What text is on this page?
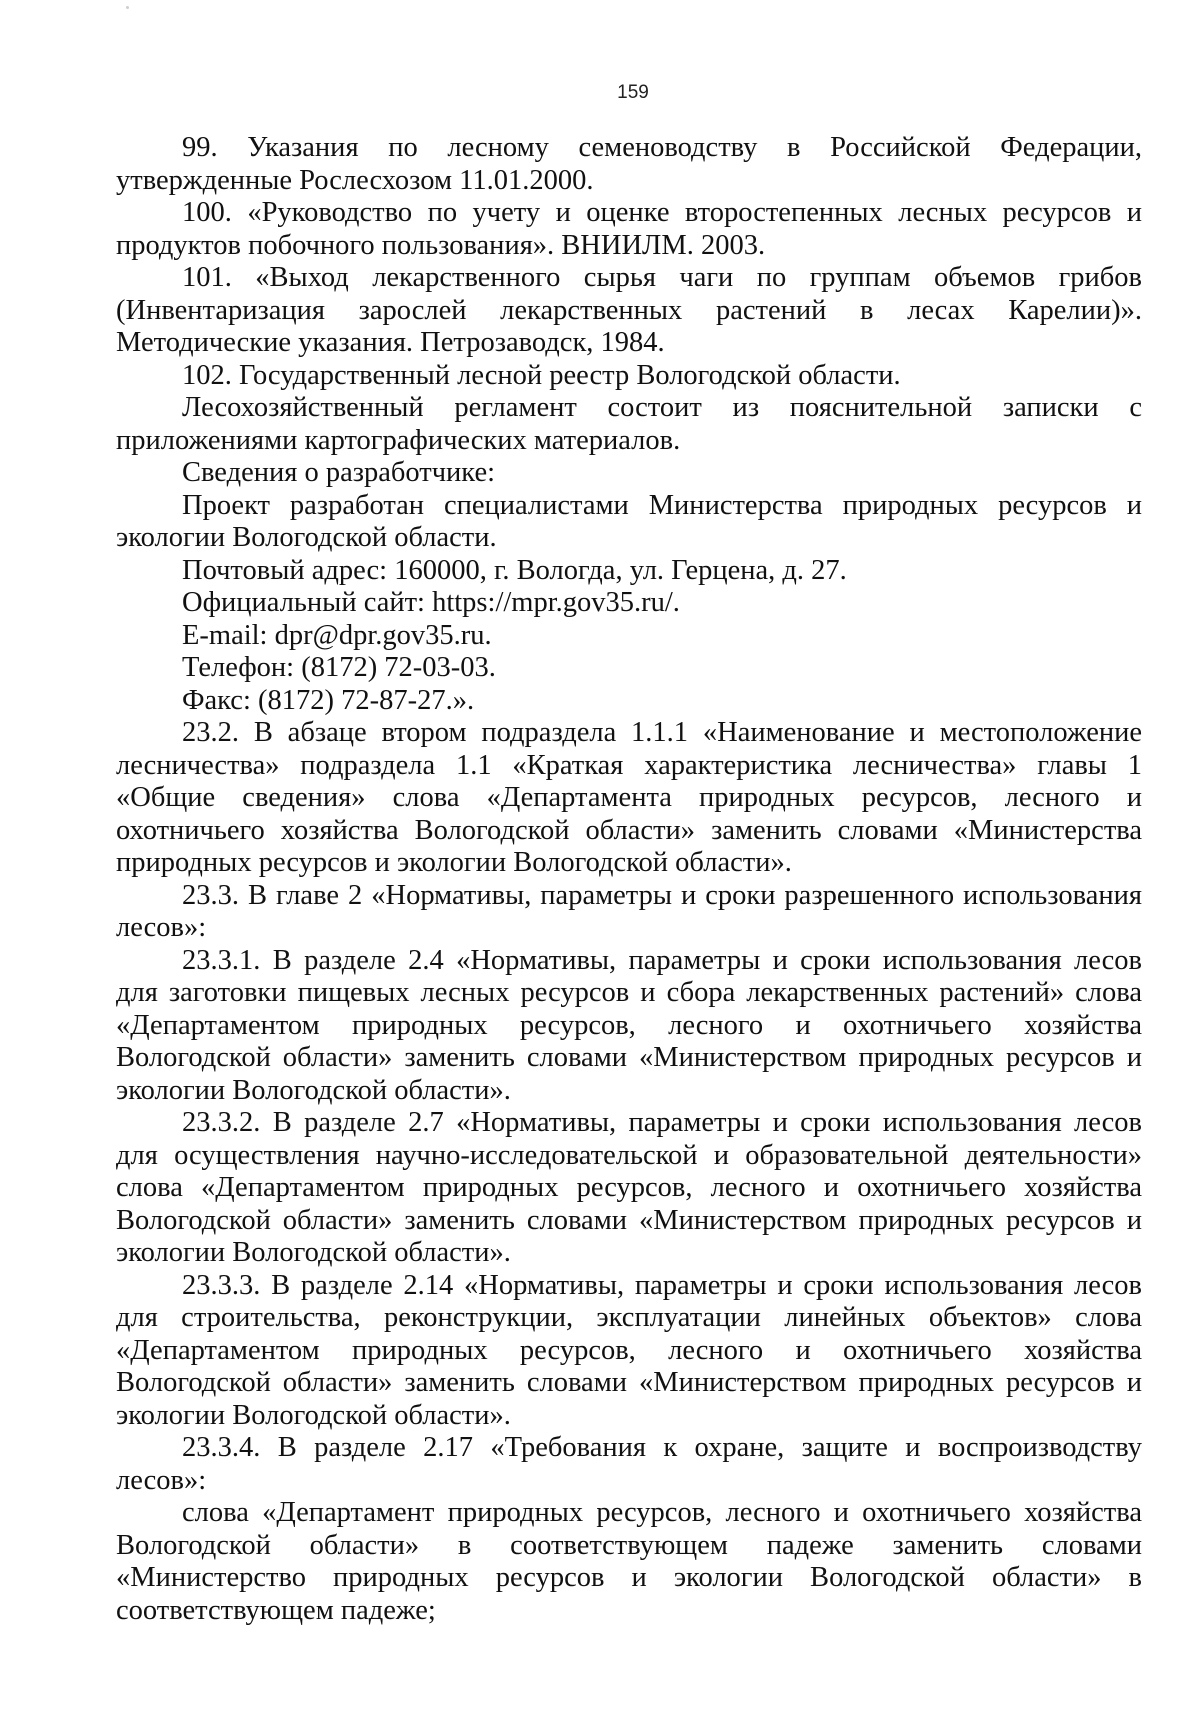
159

99. Указания по лесному семеноводству в Российской Федерации, утвержденные Рослесхозом 11.01.2000.

100. «Руководство по учету и оценке второстепенных лесных ресурсов и продуктов побочного пользования». ВНИИЛМ. 2003.

101. «Выход лекарственного сырья чаги по группам объемов грибов (Инвентаризация зарослей лекарственных растений в лесах Карелии)». Методические указания. Петрозаводск, 1984.

102. Государственный лесной реестр Вологодской области.

Лесохозяйственный регламент состоит из пояснительной записки с приложениями картографических материалов.

Сведения о разработчике:

Проект разработан специалистами Министерства природных ресурсов и экологии Вологодской области.

Почтовый адрес: 160000, г. Вологда, ул. Герцена, д. 27.

Официальный сайт: https://mpr.gov35.ru/.

E-mail: dpr@dpr.gov35.ru.

Телефон: (8172) 72-03-03.

Факс: (8172) 72-87-27.».

23.2. В абзаце втором подраздела 1.1.1 «Наименование и местоположение лесничества» подраздела 1.1 «Краткая характеристика лесничества» главы 1 «Общие сведения» слова «Департамента природных ресурсов, лесного и охотничьего хозяйства Вологодской области» заменить словами «Министерства природных ресурсов и экологии Вологодской области».

23.3. В главе 2 «Нормативы, параметры и сроки разрешенного использования лесов»:

23.3.1. В разделе 2.4 «Нормативы, параметры и сроки использования лесов для заготовки пищевых лесных ресурсов и сбора лекарственных растений» слова «Департаментом природных ресурсов, лесного и охотничьего хозяйства Вологодской области» заменить словами «Министерством природных ресурсов и экологии Вологодской области».

23.3.2. В разделе 2.7 «Нормативы, параметры и сроки использования лесов для осуществления научно-исследовательской и образовательной деятельности» слова «Департаментом природных ресурсов, лесного и охотничьего хозяйства Вологодской области» заменить словами «Министерством природных ресурсов и экологии Вологодской области».

23.3.3. В разделе 2.14 «Нормативы, параметры и сроки использования лесов для строительства, реконструкции, эксплуатации линейных объектов» слова «Департаментом природных ресурсов, лесного и охотничьего хозяйства Вологодской области» заменить словами «Министерством природных ресурсов и экологии Вологодской области».

23.3.4. В разделе 2.17 «Требования к охране, защите и воспроизводству лесов»:

слова «Департамент природных ресурсов, лесного и охотничьего хозяйства Вологодской области» в соответствующем падеже заменить словами «Министерство природных ресурсов и экологии Вологодской области» в соответствующем падеже;
